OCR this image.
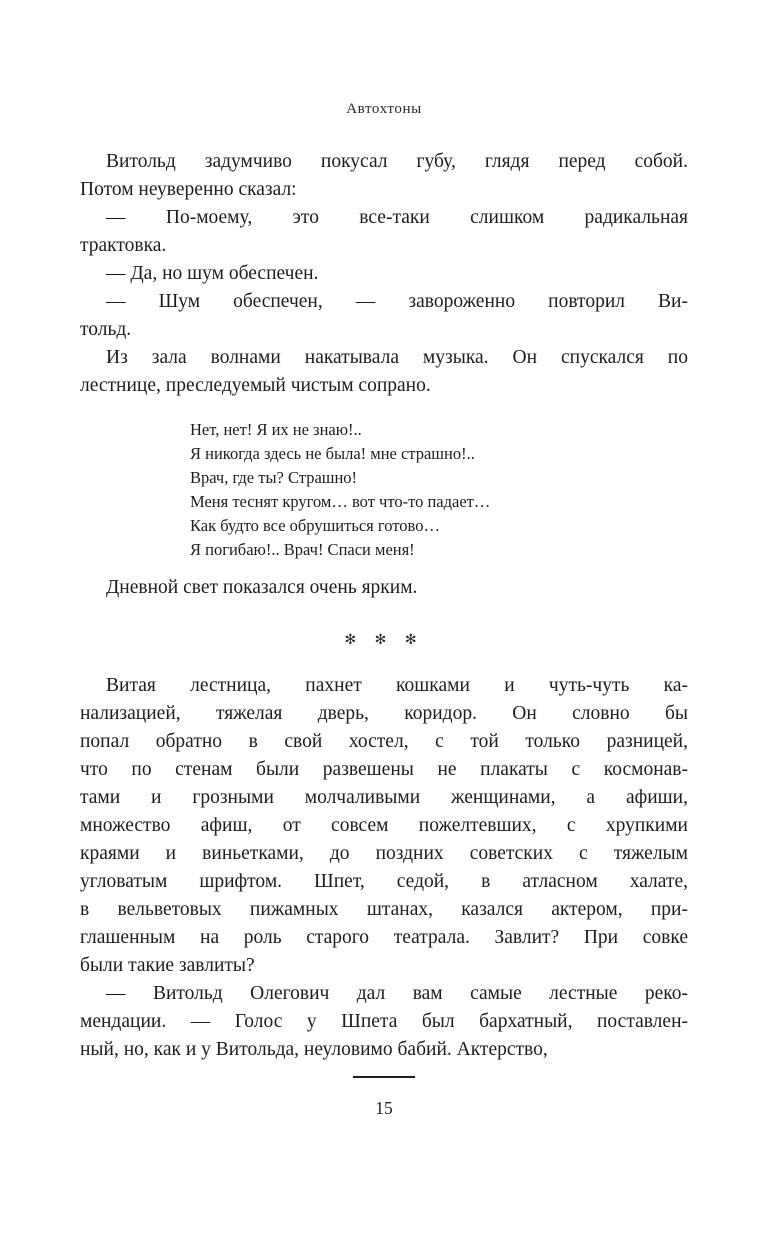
Автохтоны
Витольд задумчиво покусал губу, глядя перед собой.
Потом неуверенно сказал:
— По-моему, это все-таки слишком радикальная
трактовка.
— Да, но шум обеспечен.
— Шум обеспечен, — завороженно повторил Ви-
тольд.
Из зала волнами накатывала музыка. Он спускался по
лестнице, преследуемый чистым сопрано.
Нет, нет! Я их не знаю!..
Я никогда здесь не была! мне страшно!..
Врач, где ты? Страшно!
Меня теснят кругом… вот что-то падает…
Как будто все обрушиться готово…
Я погибаю!.. Врач! Спаси меня!
Дневной свет показался очень ярким.
✻ ✻ ✻
Витая лестница, пахнет кошками и чуть-чуть ка-
нализацией, тяжелая дверь, коридор. Он словно бы
попал обратно в свой хостел, с той только разницей,
что по стенам были развешены не плакаты с космонав-
тами и грозными молчаливыми женщинами, а афиши,
множество афиш, от совсем пожелтевших, с хрупкими
краями и виньетками, до поздних советских с тяжелым
угловатым шрифтом. Шпет, седой, в атласном халате,
в вельветовых пижамных штанах, казался актером, при-
глашенным на роль старого театрала. Завлит? При совке
были такие завлиты?
— Витольд Олегович дал вам самые лестные реко-
мендации. — Голос у Шпета был бархатный, поставлен-
ный, но, как и у Витольда, неуловимо бабий. Актерство,
15
